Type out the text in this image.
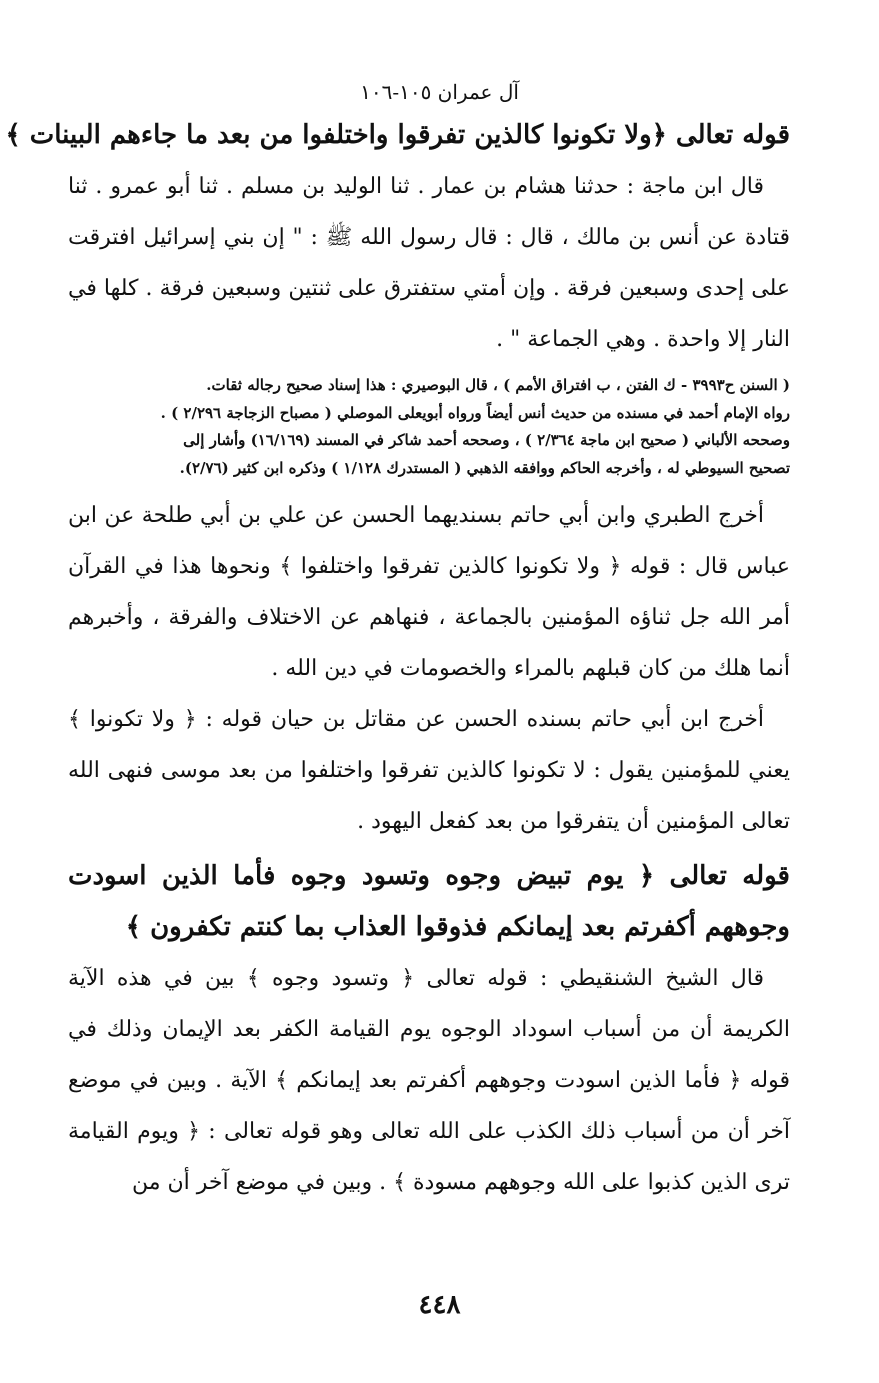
آل عمران ١٠٥-١٠٦

قوله تعالى ﴿ولا تكونوا كالذين تفرقوا واختلفوا من بعد ما جاءهم البينات ﴾

قال ابن ماجة : حدثنا هشام بن عمار . ثنا الوليد بن مسلم . ثنا أبو عمرو . ثنا قتادة عن أنس بن مالك ، قال : قال رسول الله ﷺ : " إن بني إسرائيل افترقت على إحدى وسبعين فرقة . وإن أمتي ستفترق على ثنتين وسبعين فرقة . كلها في النار إلا واحدة . وهي الجماعة " .

( السنن ح٣٩٩٣ - ك الفتن ، ب افتراق الأمم ) ، قال البوصيري : هذا إسناد صحيح رجاله ثقات.
رواه الإمام أحمد في مسنده من حديث أنس أيضاً ورواه أبويعلى الموصلي ( مصباح الزجاجة ٢/٢٩٦ ) .
وصححه الألباني ( صحيح ابن ماجة ٢/٣٦٤ ) ، وصححه أحمد شاكر في المسند (١٦/١٦٩) وأشار إلى
تصحيح السيوطي له ، وأخرجه الحاكم ووافقه الذهبي ( المستدرك ١/١٢٨ ) وذكره ابن كثير (٢/٧٦).

أخرج الطبري وابن أبي حاتم بسنديهما الحسن عن علي بن أبي طلحة عن ابن عباس قال : قوله ﴿ ولا تكونوا كالذين تفرقوا واختلفوا ﴾ ونحوها هذا في القرآن أمر الله جل ثناؤه المؤمنين بالجماعة ، فنهاهم عن الاختلاف والفرقة ، وأخبرهم أنما هلك من كان قبلهم بالمراء والخصومات في دين الله .

أخرج ابن أبي حاتم بسنده الحسن عن مقاتل بن حيان قوله : ﴿ ولا تكونوا ﴾ يعني للمؤمنين يقول : لا تكونوا كالذين تفرقوا واختلفوا من بعد موسى فنهى الله تعالى المؤمنين أن يتفرقوا من بعد كفعل اليهود .

قوله تعالى ﴿ يوم تبيض وجوه وتسود وجوه فأما الذين اسودت وجوههم أكفرتم بعد إيمانكم فذوقوا العذاب بما كنتم تكفرون ﴾

قال الشيخ الشنقيطي : قوله تعالى ﴿ وتسود وجوه ﴾ بين في هذه الآية الكريمة أن من أسباب اسوداد الوجوه يوم القيامة الكفر بعد الإيمان وذلك في قوله ﴿ فأما الذين اسودت وجوههم أكفرتم بعد إيمانكم ﴾ الآية . وبين في موضع آخر أن من أسباب ذلك الكذب على الله تعالى وهو قوله تعالى : ﴿ ويوم القيامة ترى الذين كذبوا على الله وجوههم مسودة ﴾ . وبين في موضع آخر أن من

٤٤٨
